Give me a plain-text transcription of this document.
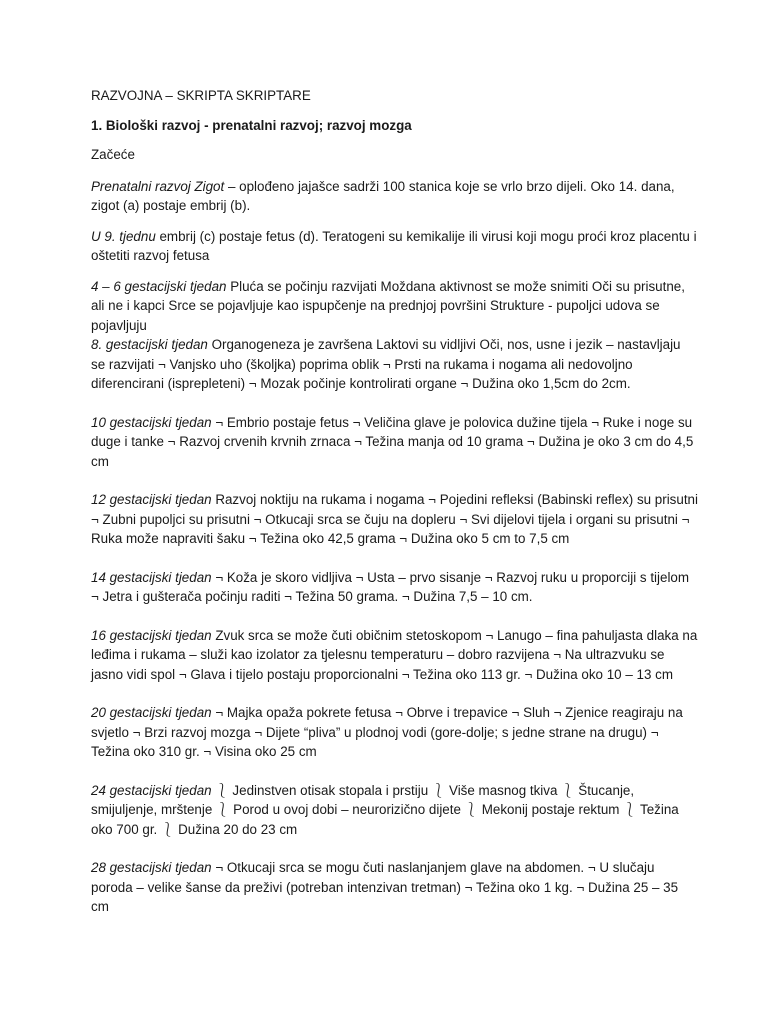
RAZVOJNA – SKRIPTA SKRIPTARE

1. Biološki razvoj - prenatalni razvoj; razvoj mozga

Začeće

Prenatalni razvoj Zigot – oplođeno jajašce sadrži 100 stanica koje se vrlo brzo dijeli. Oko 14. dana, zigot (a) postaje embrij (b).

U 9. tjednu embrij (c) postaje fetus (d). Teratogeni su kemikalije ili virusi koji mogu proći kroz placentu i oštetiti razvoj fetusa

4 – 6 gestacijski tjedan Pluća se počinju razvijati Moždana aktivnost se može snimiti Oči su prisutne, ali ne i kapci Srce se pojavljuje kao ispupčenje na prednjoj površini Strukture - pupoljci udova se pojavljuju

8. gestacijski tjedan Organogeneza je završena Laktovi su vidljivi Oči, nos, usne i jezik – nastavljaju se razvijati ¬ Vanjsko uho (školjka) poprima oblik ¬ Prsti na rukama i nogama ali nedovoljno diferencirani (isprepleteni) ¬ Mozak počinje kontrolirati organe ¬ Dužina oko 1,5cm do 2cm.

10 gestacijski tjedan ¬ Embrio postaje fetus ¬ Veličina glave je polovica dužine tijela ¬ Ruke i noge su duge i tanke ¬ Razvoj crvenih krvnih zrnaca ¬ Težina manja od 10 grama ¬ Dužina je oko 3 cm do 4,5 cm

12 gestacijski tjedan Razvoj noktiju na rukama i nogama ¬ Pojedini refleksi (Babinski reflex) su prisutni ¬ Zubni pupoljci su prisutni ¬ Otkucaji srca se čuju na dopleru ¬ Svi dijelovi tijela i organi su prisutni ¬ Ruka može napraviti šaku ¬ Težina oko 42,5 grama ¬ Dužina oko 5 cm to 7,5 cm

14 gestacijski tjedan ¬ Koža je skoro vidljiva ¬ Usta – prvo sisanje ¬ Razvoj ruku u proporciji s tijelom ¬ Jetra i gušterača počinju raditi ¬ Težina 50 grama. ¬ Dužina 7,5 – 10 cm.

16 gestacijski tjedan Zvuk srca se može čuti običnim stetoskopom ¬ Lanugo – fina pahuljasta dlaka na leđima i rukama – služi kao izolator za tjelesnu temperaturu – dobro razvijena ¬ Na ultrazvuku se jasno vidi spol ¬ Glava i tijelo postaju proporcionalni ¬ Težina oko 113 gr. ¬ Dužina oko 10 – 13 cm

20 gestacijski tjedan ¬ Majka opaža pokrete fetusa ¬ Obrve i trepavice ¬ Sluh ¬ Zjenice reagiraju na svjetlo ¬ Brzi razvoj mozga ¬ Dijete “pliva” u plodnoj vodi (gore-dolje; s jedne strane na drugu) ¬ Težina oko 310 gr. ¬ Visina oko 25 cm

24 gestacijski tjedan ⎱ Jedinstven otisak stopala i prstiju ⎱ Više masnog tkiva ⎱ Štucanje, smijuljenje, mrštenje ⎱ Porod u ovoj dobi – neurorizično dijete ⎱ Mekonij postaje rektum ⎱ Težina oko 700 gr. ⎱ Dužina 20 do 23 cm

28 gestacijski tjedan ¬ Otkucaji srca se mogu čuti naslanjanjem glave na abdomen. ¬ U slučaju poroda – velike šanse da preživi (potreban intenzivan tretman) ¬ Težina oko 1 kg. ¬ Dužina 25 – 35 cm
